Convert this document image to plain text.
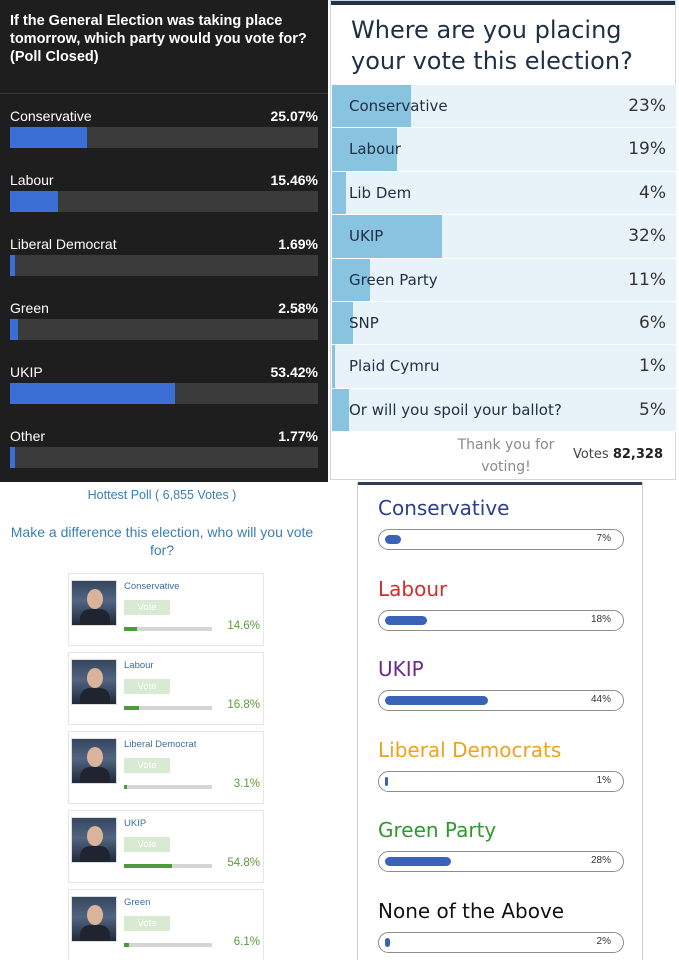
If the General Election was taking place tomorrow, which party would you vote for? (Poll Closed)
Conservative	25.07%
Labour	15.46%
Liberal Democrat	1.69%
Green	2.58%
UKIP	53.42%
Other	1.77%
Where are you placing your vote this election?
Conservative	23%
Labour	19%
Lib Dem	4%
UKIP	32%
Green Party	11%
SNP	6%
Plaid Cymru	1%
Or will you spoil your ballot?	5%
Thank you for voting!
Votes 82,328
Hottest Poll ( 6,855 Votes )
Make a difference this election, who will you vote for?
Conservative
Vote
14.6%
Labour
Vote
16.8%
Liberal Democrat
Vote
3.1%
UKIP
Vote
54.8%
Green
Vote
6.1%
Conservative
7%
Labour
18%
UKIP
44%
Liberal Democrats
1%
Green Party
28%
None of the Above
2%
